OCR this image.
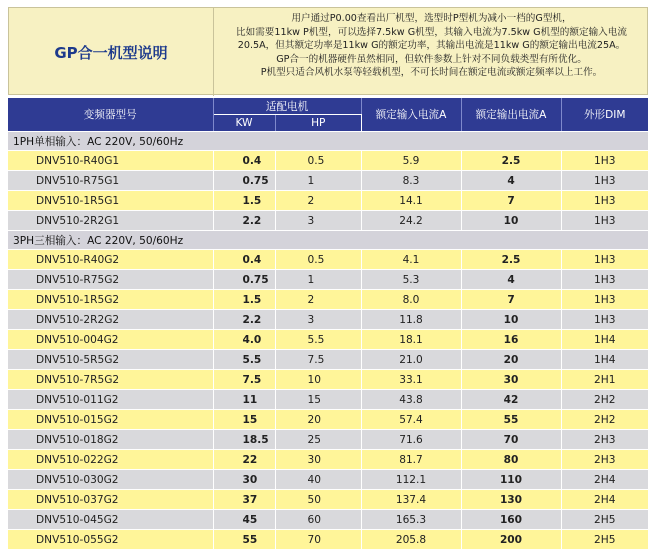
GP合一机型说明
用户通过P0.00查看出厂机型，选型时P型机为减小一档的G型机，
比如需要11kw P机型，可以选择7.5kw G机型，其输入电流为7.5kw G机型的额定输入电流
20.5A，但其额定功率是11kw G的额定功率，其输出电流是11kw G的额定输出电流25A。
GP合一的机器硬件虽然相同，但软件参数上针对不同负载类型有所优化。
P机型只适合风机水泵等轻载机型，不可长时间在额定电流或额定频率以上工作。
变频器型号	适配电机		额定输入电流A	额定输出电流A	外形DIM
	KW	HP			
1PH单相输入：AC 220V, 50/60Hz					
DNV510-R40G1	0.4	0.5	5.9	2.5	1H3
DNV510-R75G1	0.75	1	8.3	4	1H3
DNV510-1R5G1	1.5	2	14.1	7	1H3
DNV510-2R2G1	2.2	3	24.2	10	1H3
3PH三相输入：AC 220V, 50/60Hz					
DNV510-R40G2	0.4	0.5	4.1	2.5	1H3
DNV510-R75G2	0.75	1	5.3	4	1H3
DNV510-1R5G2	1.5	2	8.0	7	1H3
DNV510-2R2G2	2.2	3	11.8	10	1H3
DNV510-004G2	4.0	5.5	18.1	16	1H4
DNV510-5R5G2	5.5	7.5	21.0	20	1H4
DNV510-7R5G2	7.5	10	33.1	30	2H1
DNV510-011G2	11	15	43.8	42	2H2
DNV510-015G2	15	20	57.4	55	2H2
DNV510-018G2	18.5	25	71.6	70	2H3
DNV510-022G2	22	30	81.7	80	2H3
DNV510-030G2	30	40	112.1	110	2H4
DNV510-037G2	37	50	137.4	130	2H4
DNV510-045G2	45	60	165.3	160	2H5
DNV510-055G2	55	70	205.8	200	2H5
